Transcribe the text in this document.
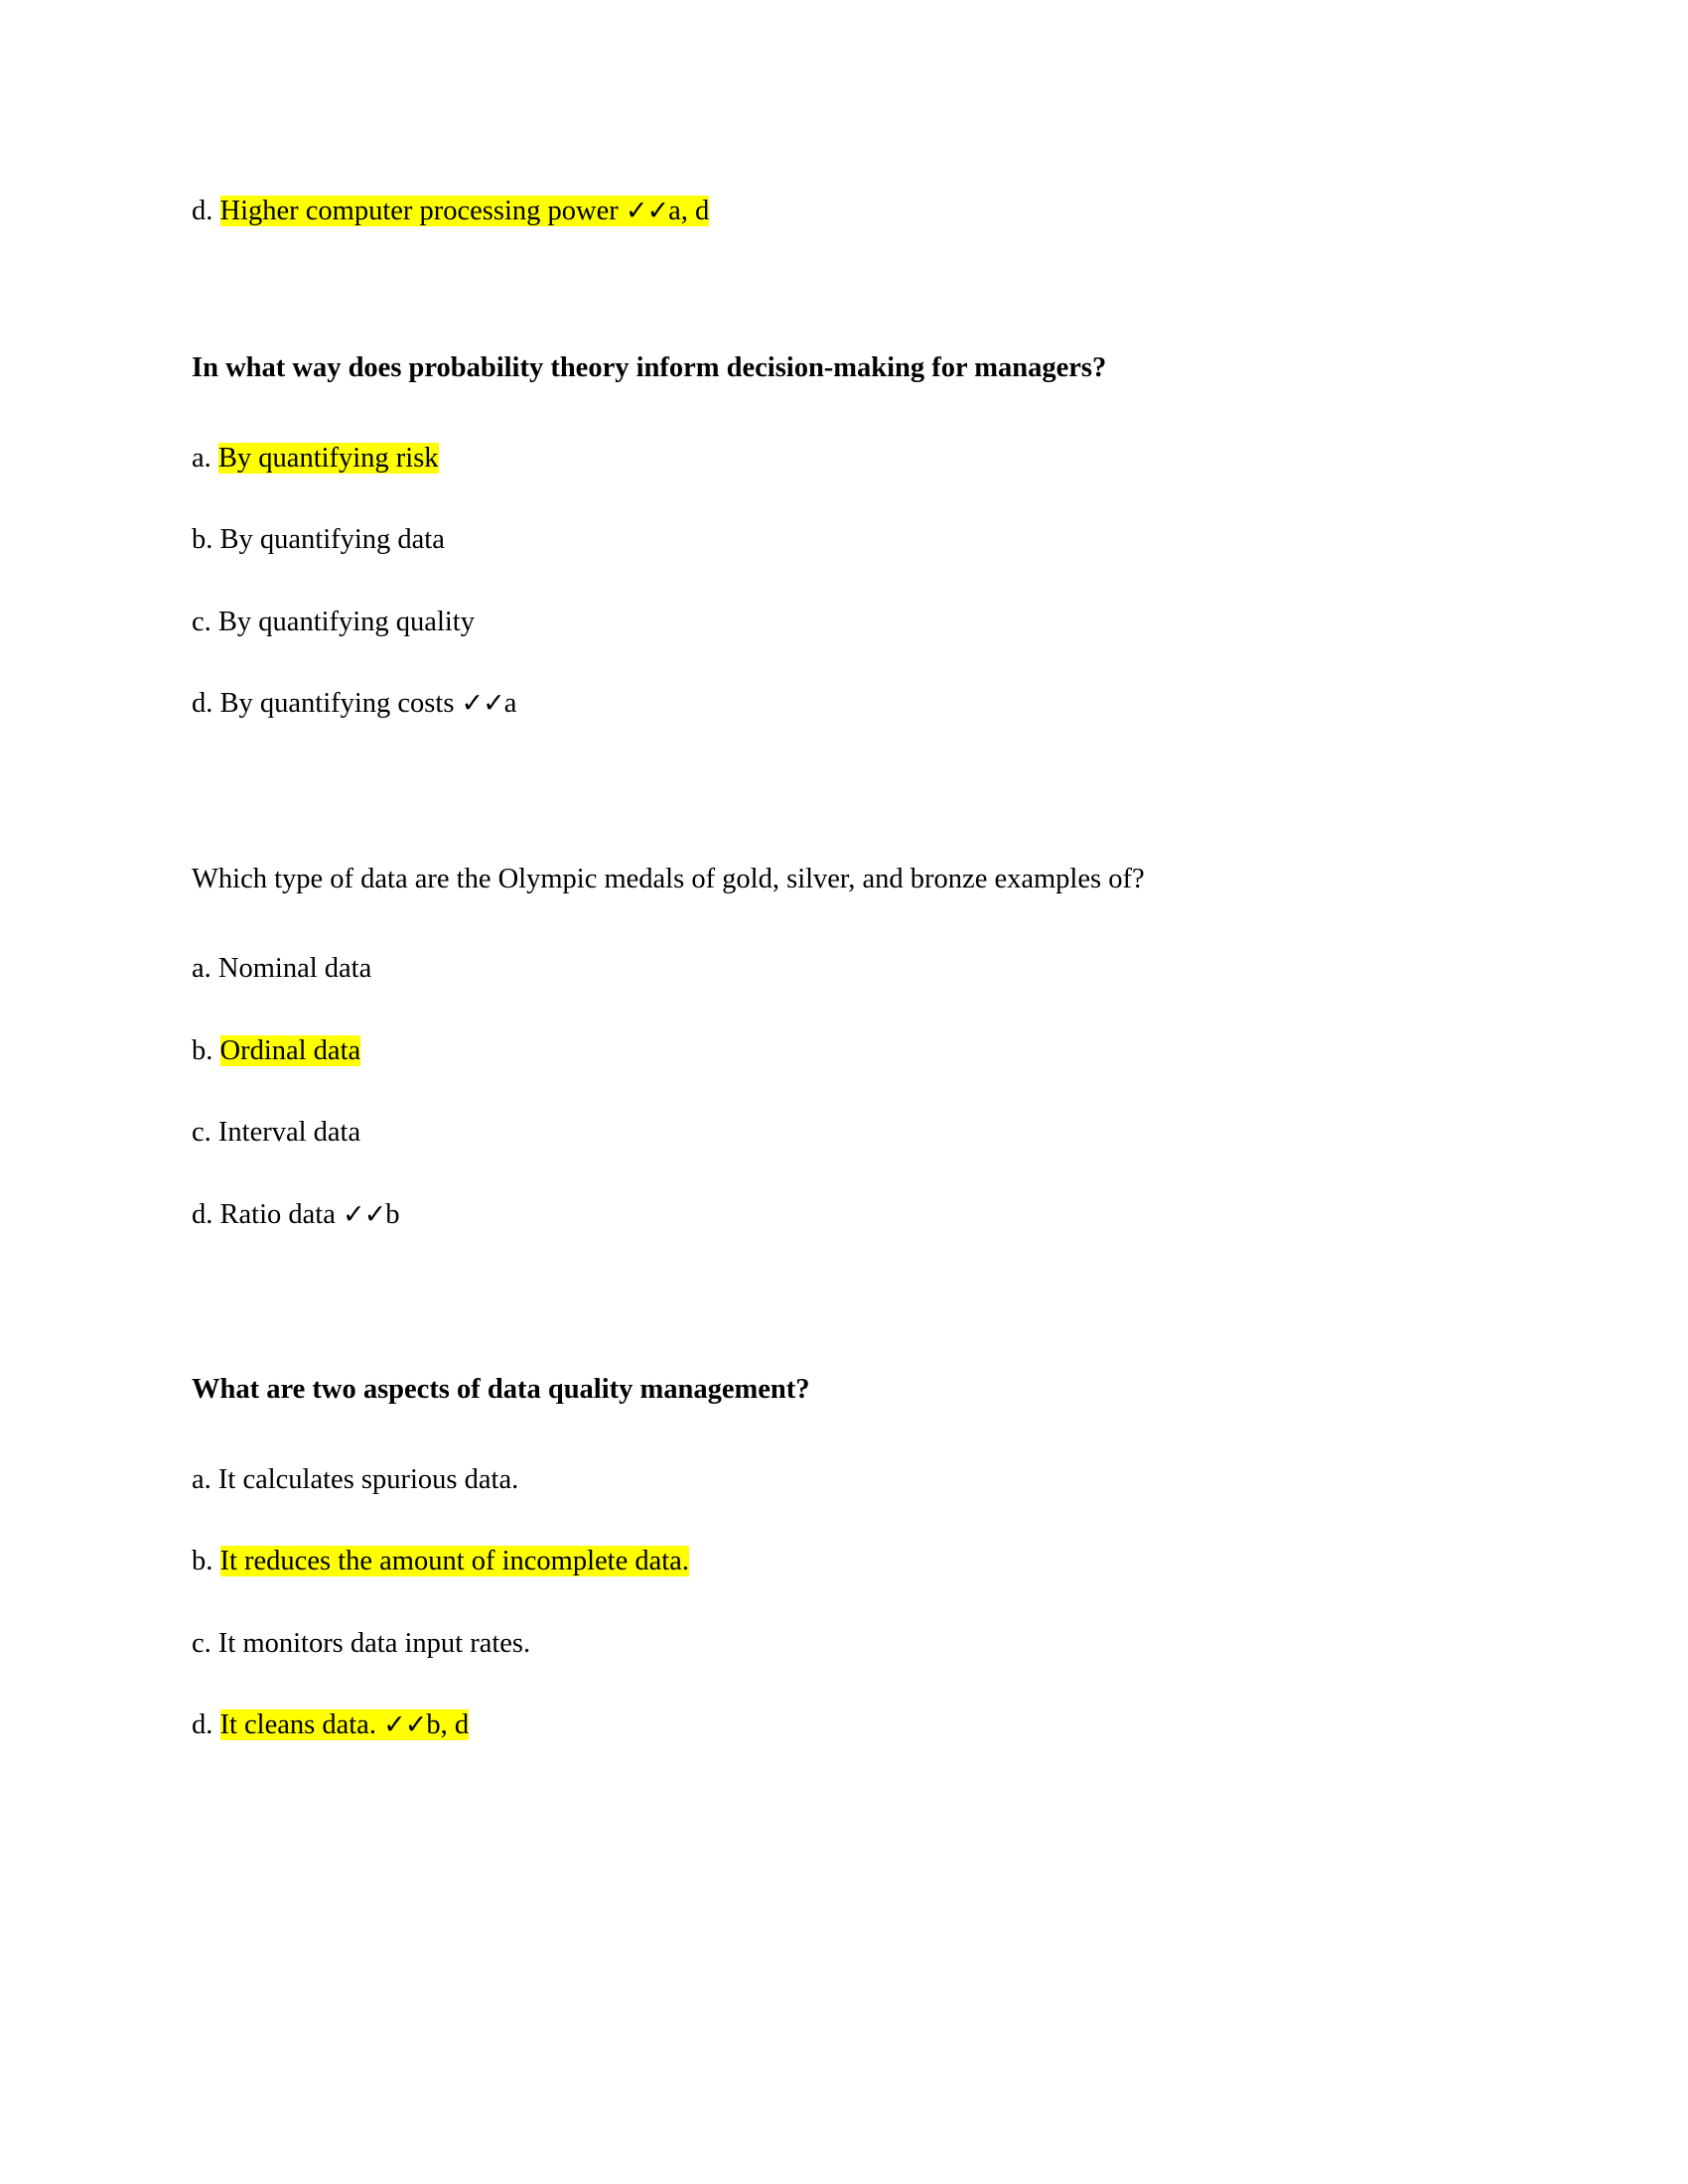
d. Higher computer processing power ✓✓a, d
In what way does probability theory inform decision-making for managers?
a. By quantifying risk
b. By quantifying data
c. By quantifying quality
d. By quantifying costs ✓✓a
Which type of data are the Olympic medals of gold, silver, and bronze examples of?
a. Nominal data
b. Ordinal data
c. Interval data
d. Ratio data ✓✓b
What are two aspects of data quality management?
a. It calculates spurious data.
b. It reduces the amount of incomplete data.
c. It monitors data input rates.
d. It cleans data. ✓✓b, d
